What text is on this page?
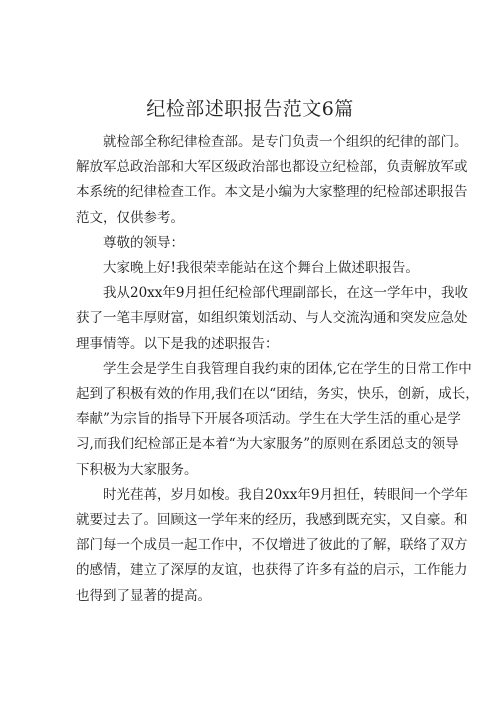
纪检部述职报告范文6篇

就检部全称纪律检查部。是专门负责一个组织的纪律的部门。
解放军总政治部和大军区级政治部也都设立纪检部，负责解放军或
本系统的纪律检查工作。本文是小编为大家整理的纪检部述职报告
范文，仅供参考。

尊敬的领导：

大家晚上好!我很荣幸能站在这个舞台上做述职报告。

我从20xx年9月担任纪检部代理副部长，在这一学年中，我收
获了一笔丰厚财富，如组织策划活动、与人交流沟通和突发应急处
理事情等。以下是我的述职报告：

学生会是学生自我管理自我约束的团体,它在学生的日常工作中
起到了积极有效的作用,我们在以“团结，务实，快乐，创新，成长，
奉献”为宗旨的指导下开展各项活动。学生在大学生活的重心是学
习,而我们纪检部正是本着“为大家服务”的原则在系团总支的领导
下积极为大家服务。

时光荏苒，岁月如梭。我自20xx年9月担任，转眼间一个学年
就要过去了。回顾这一学年来的经历，我感到既充实，又自豪。和
部门每一个成员一起工作中，不仅增进了彼此的了解，联络了双方
的感情，建立了深厚的友谊，也获得了许多有益的启示，工作能力
也得到了显著的提高。
